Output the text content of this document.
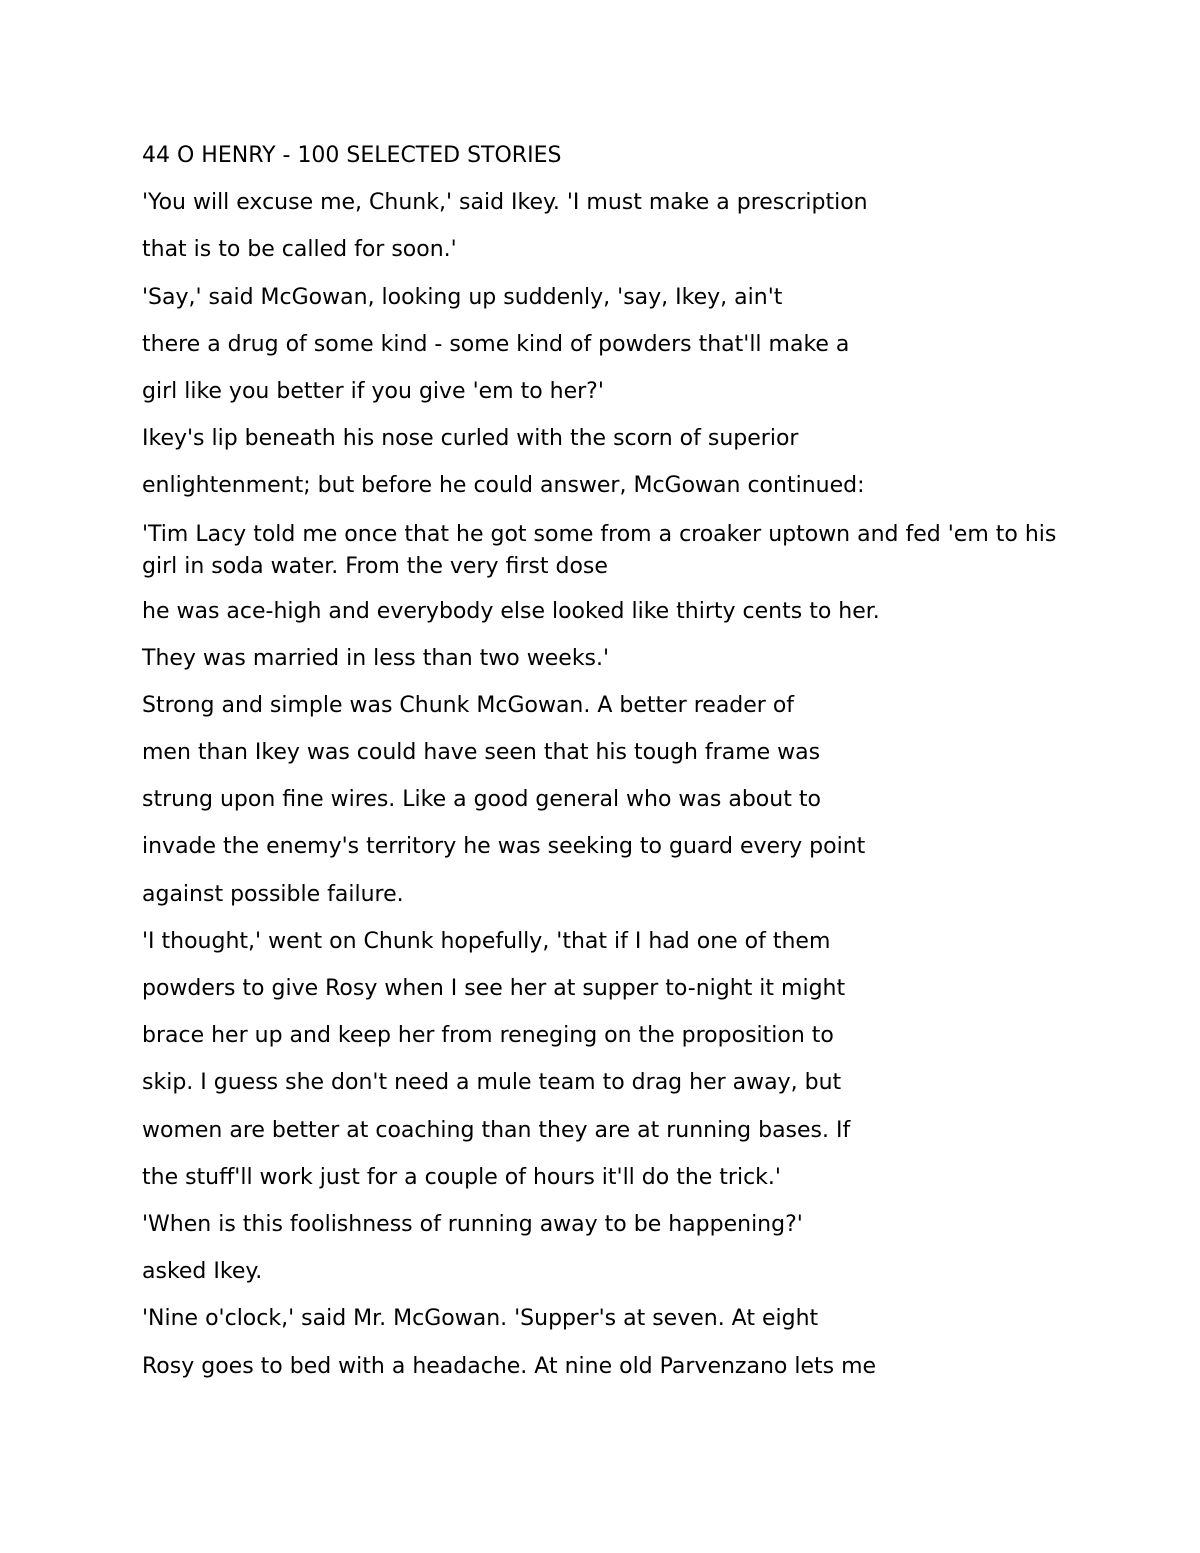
44 O HENRY - 100 SELECTED STORIES
'You will excuse me, Chunk,' said Ikey. 'I must make a prescription
that is to be called for soon.'
'Say,' said McGowan, looking up suddenly, 'say, Ikey, ain't
there a drug of some kind - some kind of powders that'll make a
girl like you better if you give 'em to her?'
Ikey's lip beneath his nose curled with the scorn of superior
enlightenment; but before he could answer, McGowan continued:
'Tim Lacy told me once that he got some from a croaker uptown and fed 'em to his girl in soda water. From the very first dose
he was ace-high and everybody else looked like thirty cents to her.
They was married in less than two weeks.'
Strong and simple was Chunk McGowan. A better reader of
men than Ikey was could have seen that his tough frame was
strung upon fine wires. Like a good general who was about to
invade the enemy's territory he was seeking to guard every point
against possible failure.
'I thought,' went on Chunk hopefully, 'that if I had one of them
powders to give Rosy when I see her at supper to-night it might
brace her up and keep her from reneging on the proposition to
skip. I guess she don't need a mule team to drag her away, but
women are better at coaching than they are at running bases. If
the stuff'll work just for a couple of hours it'll do the trick.'
'When is this foolishness of running away to be happening?'
asked Ikey.
'Nine o'clock,' said Mr. McGowan. 'Supper's at seven. At eight
Rosy goes to bed with a headache. At nine old Parvenzano lets me
